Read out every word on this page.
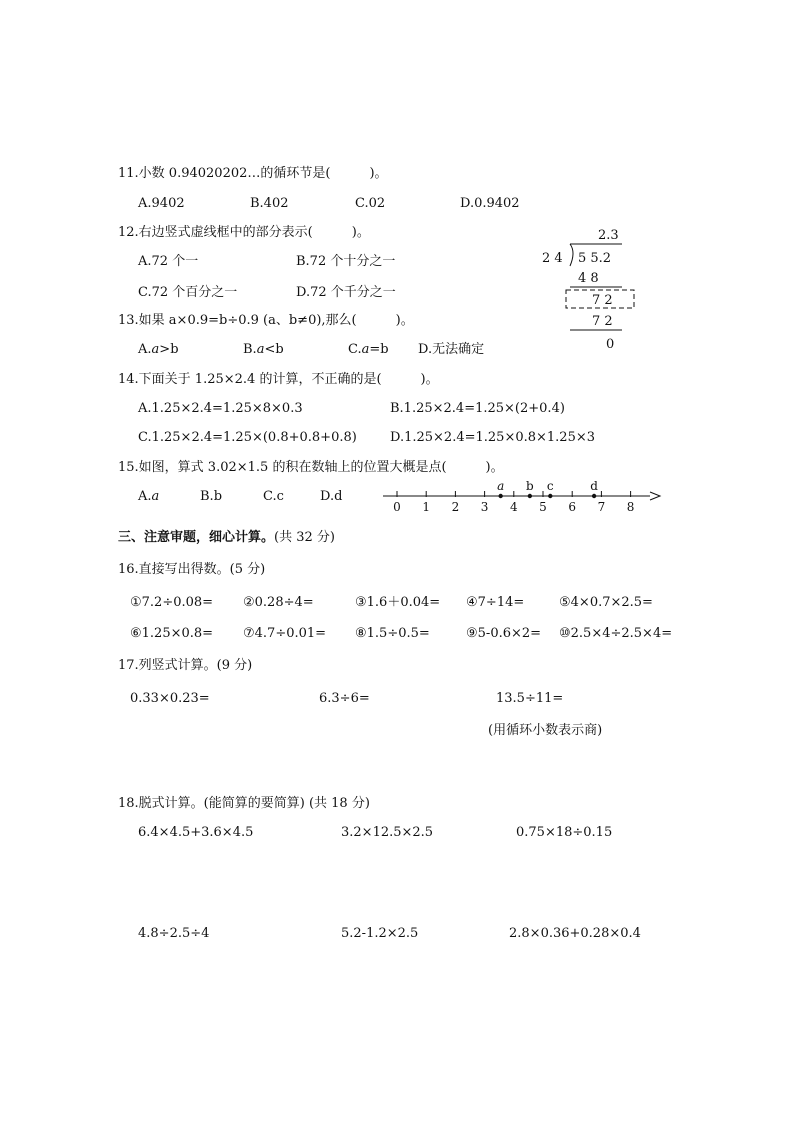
11.小数 0.94020202…的循环节是(　　　)。
A.9402	B.402	C.02	D.0.9402
12.右边竖式虚线框中的部分表示(　　　)。
A.72 个一	B.72 个十分之一
C.72 个百分之一	D.72 个千分之一
2.3
2 4 5 5.2
4 8
7 2
7 2
0
13.如果 a×0.9=b÷0.9 (a、b≠0),那么(　　　)。
A.a>b	B.a<b	C.a=b D.无法确定
14.下面关于 1.25×2.4 的计算，不正确的是(　　　)。
A.1.25×2.4=1.25×8×0.3	B.1.25×2.4=1.25×(2+0.4)
C.1.25×2.4=1.25×(0.8+0.8+0.8)	D.1.25×2.4=1.25×0.8×1.25×3
15.如图，算式 3.02×1.5 的积在数轴上的位置大概是点(　　　)。
A.a	B.b	C.c	D.d
0 1 2 3 4 5 6 7 8
a b c	d
三、注意审题，细心计算。(共 32 分)
16.直接写出得数。(5 分)
①7.2÷0.08= ②0.28÷4=	③1.6＋0.04= ④7÷14=	⑤4×0.7×2.5=
⑥1.25×0.8= ⑦4.7÷0.01= ⑧1.5÷0.5=	⑨5-0.6×2= ⑩2.5×4÷2.5×4=
17.列竖式计算。(9 分)
0.33×0.23=	6.3÷6=	13.5÷11=
(用循环小数表示商)
18.脱式计算。(能简算的要简算) (共 18 分)
6.4×4.5+3.6×4.5	3.2×12.5×2.5	0.75×18÷0.15
4.8÷2.5÷4	5.2-1.2×2.5	2.8×0.36+0.28×0.4
